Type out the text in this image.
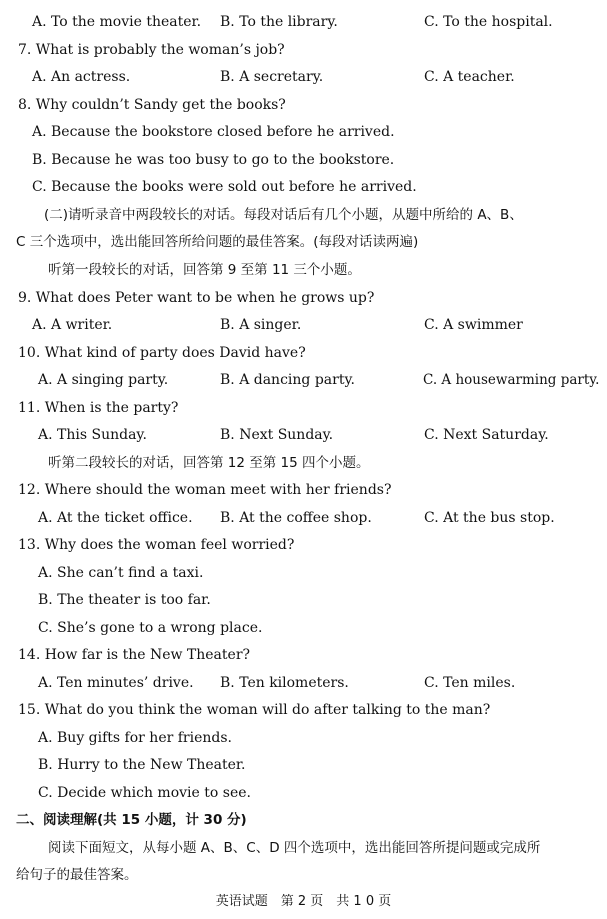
A. To the movie theater. B. To the library.	C. To the hospital.
7. What is probably the woman’s job?
A. An actress.	B. A secretary.	C. A teacher.
8. Why couldn’t Sandy get the books?
A. Because the bookstore closed before he arrived.
B. Because he was too busy to go to the bookstore.
C. Because the books were sold out before he arrived.
(二)请听录音中两段较长的对话。每段对话后有几个小题，从题中所给的 A、B、
C 三个选项中，选出能回答所给问题的最佳答案。(每段对话读两遍)
听第一段较长的对话，回答第 9 至第 11 三个小题。
9. What does Peter want to be when he grows up?
A. A writer.	B. A singer.	C. A swimmer
10. What kind of party does David have?
A. A singing party.	B. A dancing party.	C. A housewarming party.
11. When is the party?
A. This Sunday.	B. Next Sunday.	C. Next Saturday.
听第二段较长的对话，回答第 12 至第 15 四个小题。
12. Where should the woman meet with her friends?
A. At the ticket office. B. At the coffee shop.	C. At the bus stop.
13. Why does the woman feel worried?
A. She can’t find a taxi.
B. The theater is too far.
C. She’s gone to a wrong place.
14. How far is the New Theater?
A. Ten minutes’ drive. B. Ten kilometers.	C. Ten miles.
15. What do you think the woman will do after talking to the man?
A. Buy gifts for her friends.
B. Hurry to the New Theater.
C. Decide which movie to see.
二、阅读理解(共 15 小题，计 30 分)
阅读下面短文，从每小题 A、B、C、D 四个选项中，选出能回答所提问题或完成所
给句子的最佳答案。
英语试题　第 2 页　共 1 0 页
